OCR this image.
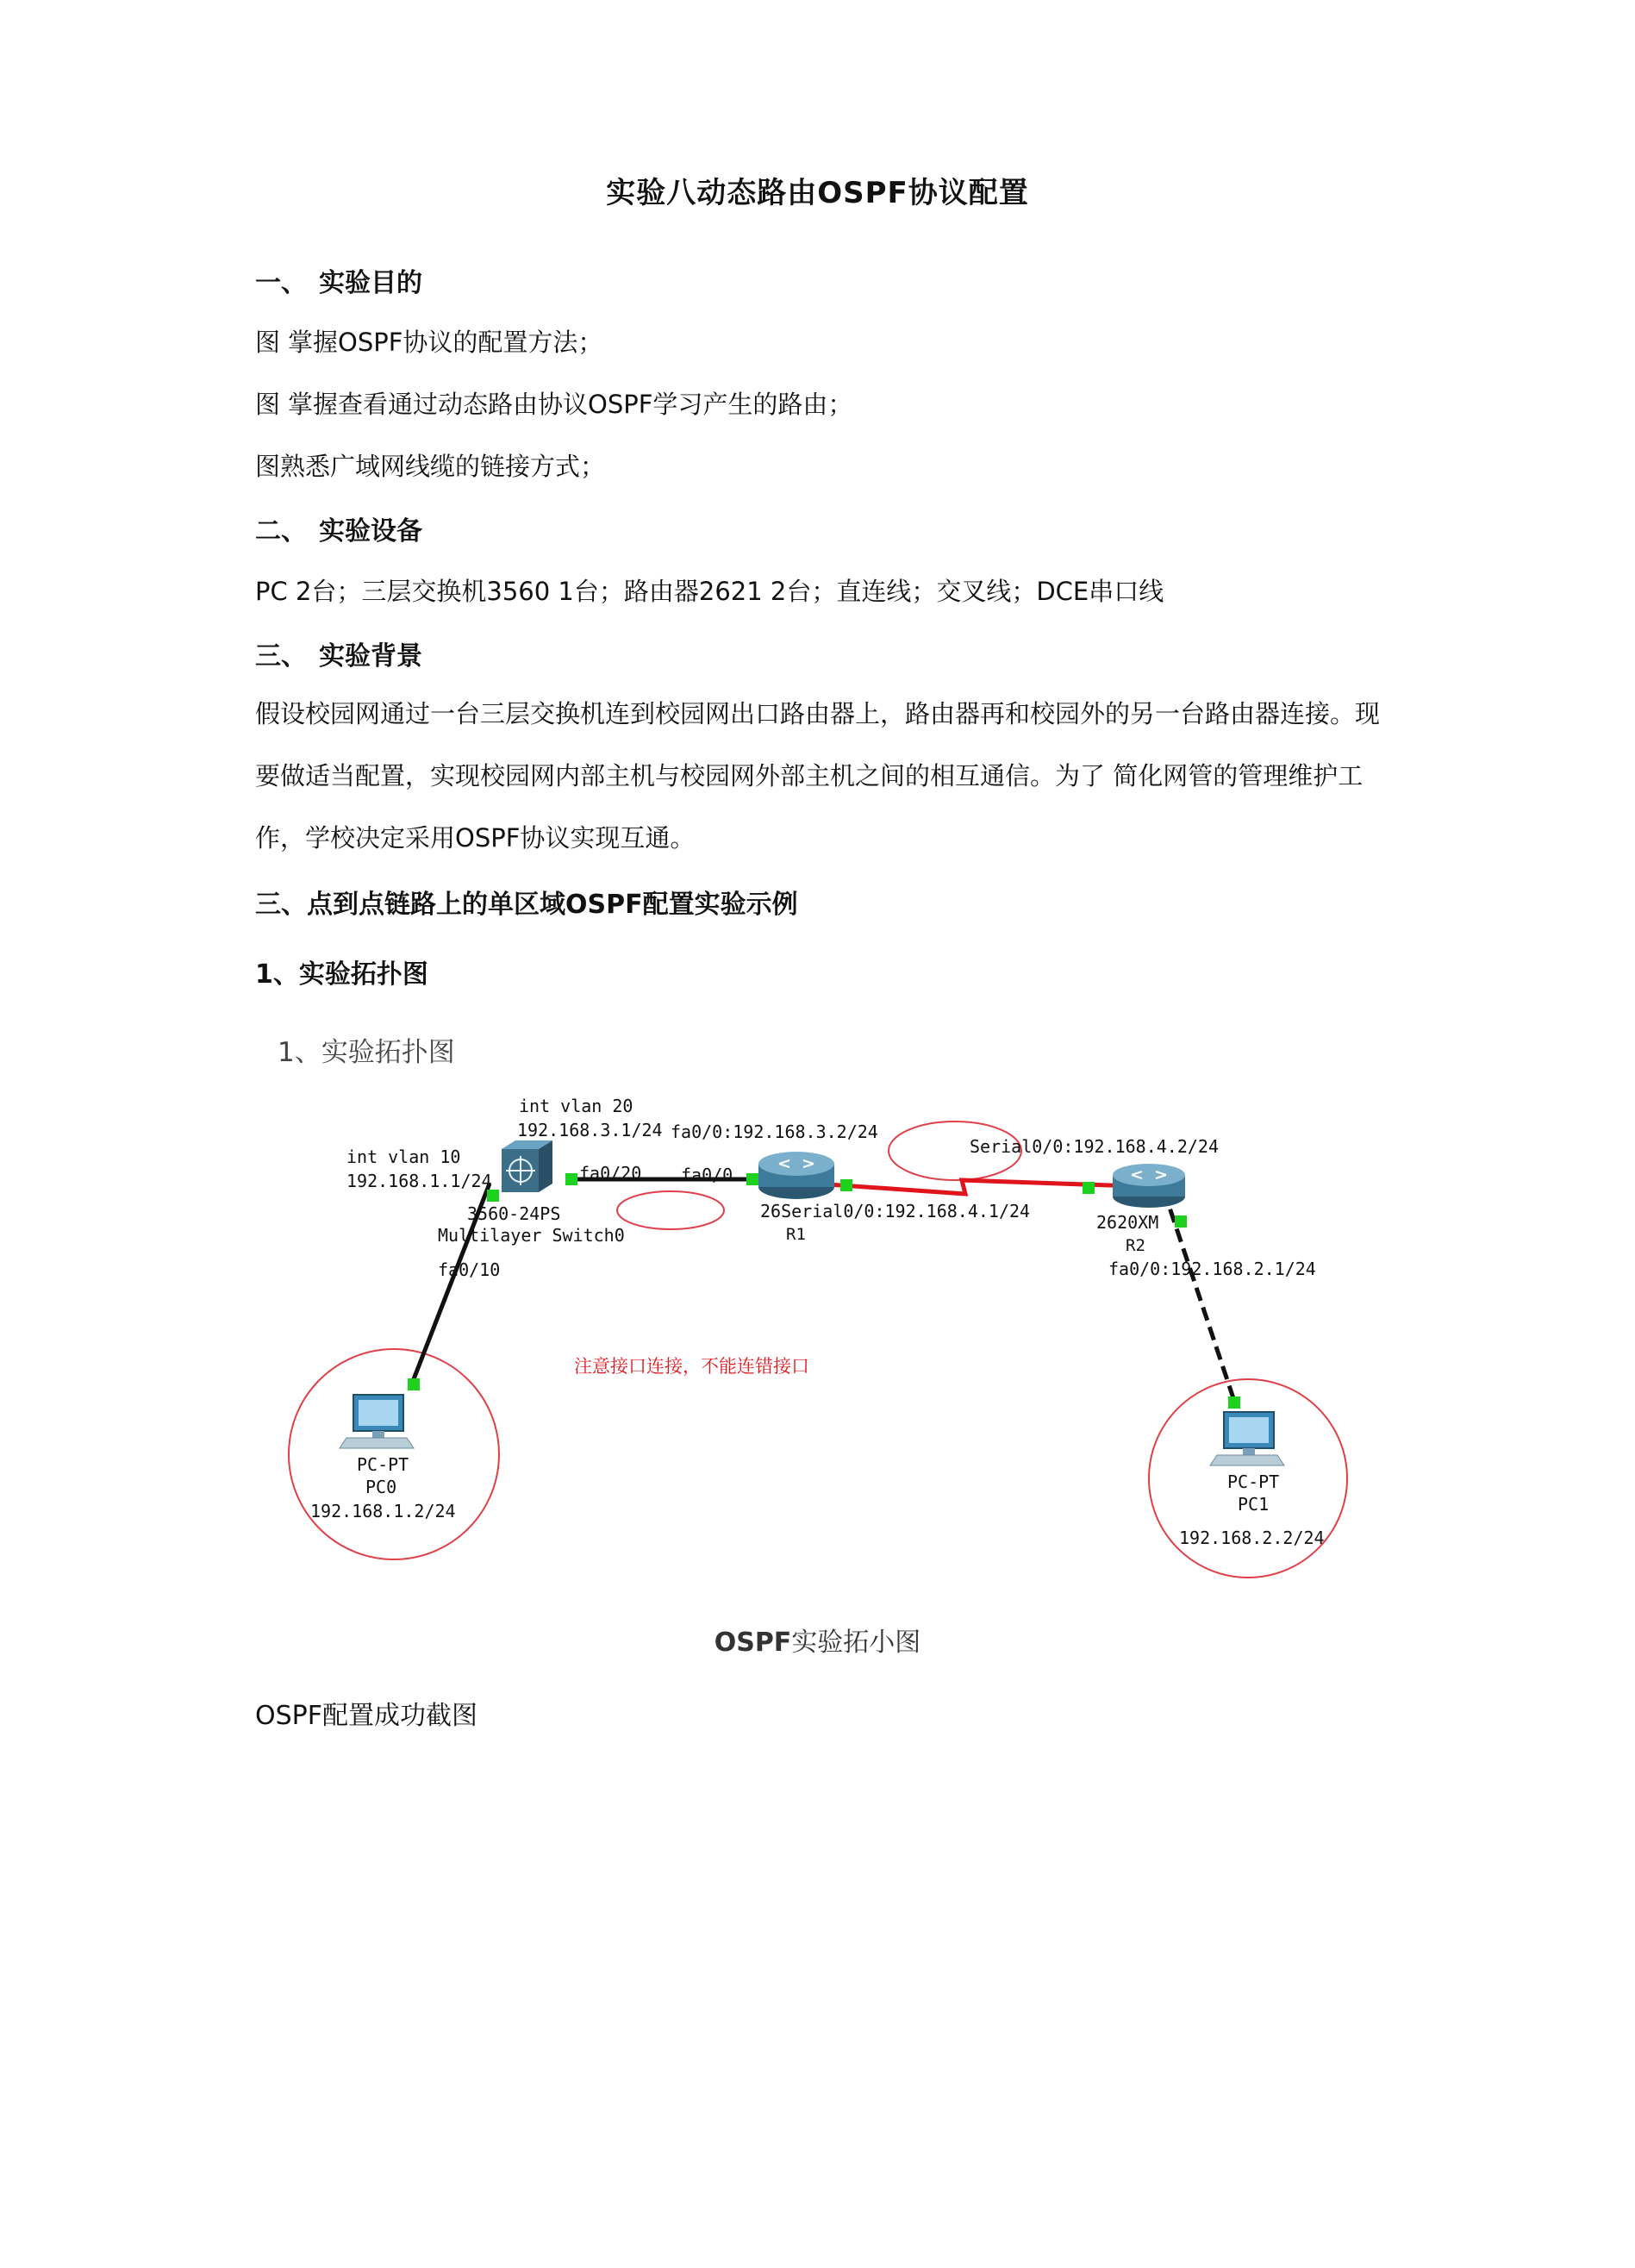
实验八动态路由OSPF协议配置
一、 实验目的
图 掌握OSPF协议的配置方法；
图 掌握查看通过动态路由协议OSPF学习产生的路由；
图熟悉广域网线缆的链接方式；
二、 实验设备
PC 2台；三层交换机3560 1台；路由器2621 2台；直连线；交叉线；DCE串口线
三、 实验背景
假设校园网通过一台三层交换机连到校园网出口路由器上，路由器再和校园外的另一台路由器连接。现要做适当配置，实现校园网内部主机与校园网外部主机之间的相互通信。为了 简化网管的管理维护工作，学校决定采用OSPF协议实现互通。
三、点到点链路上的单区域OSPF配置实验示例
1、实验拓扑图
1、实验拓扑图
int vlan 20
192.168.3.1/24
int vlan 10
192.168.1.1/24	fa0/20
fa0/0:192.168.3.2/24
fa0/0
Serial0/0:192.168.4.2/24
26Serial0/0:192.168.4.1/24
R1
3560-24PS
Multilayer Switch0
fa0/10
2620XM
R2
fa0/0:192.168.2.1/24
注意接口连接，不能连错接口
PC-PT
PC0
192.168.1.2/24
PC-PT
PC1
192.168.2.2/24
OSPF实验拓小图
OSPF配置成功截图
